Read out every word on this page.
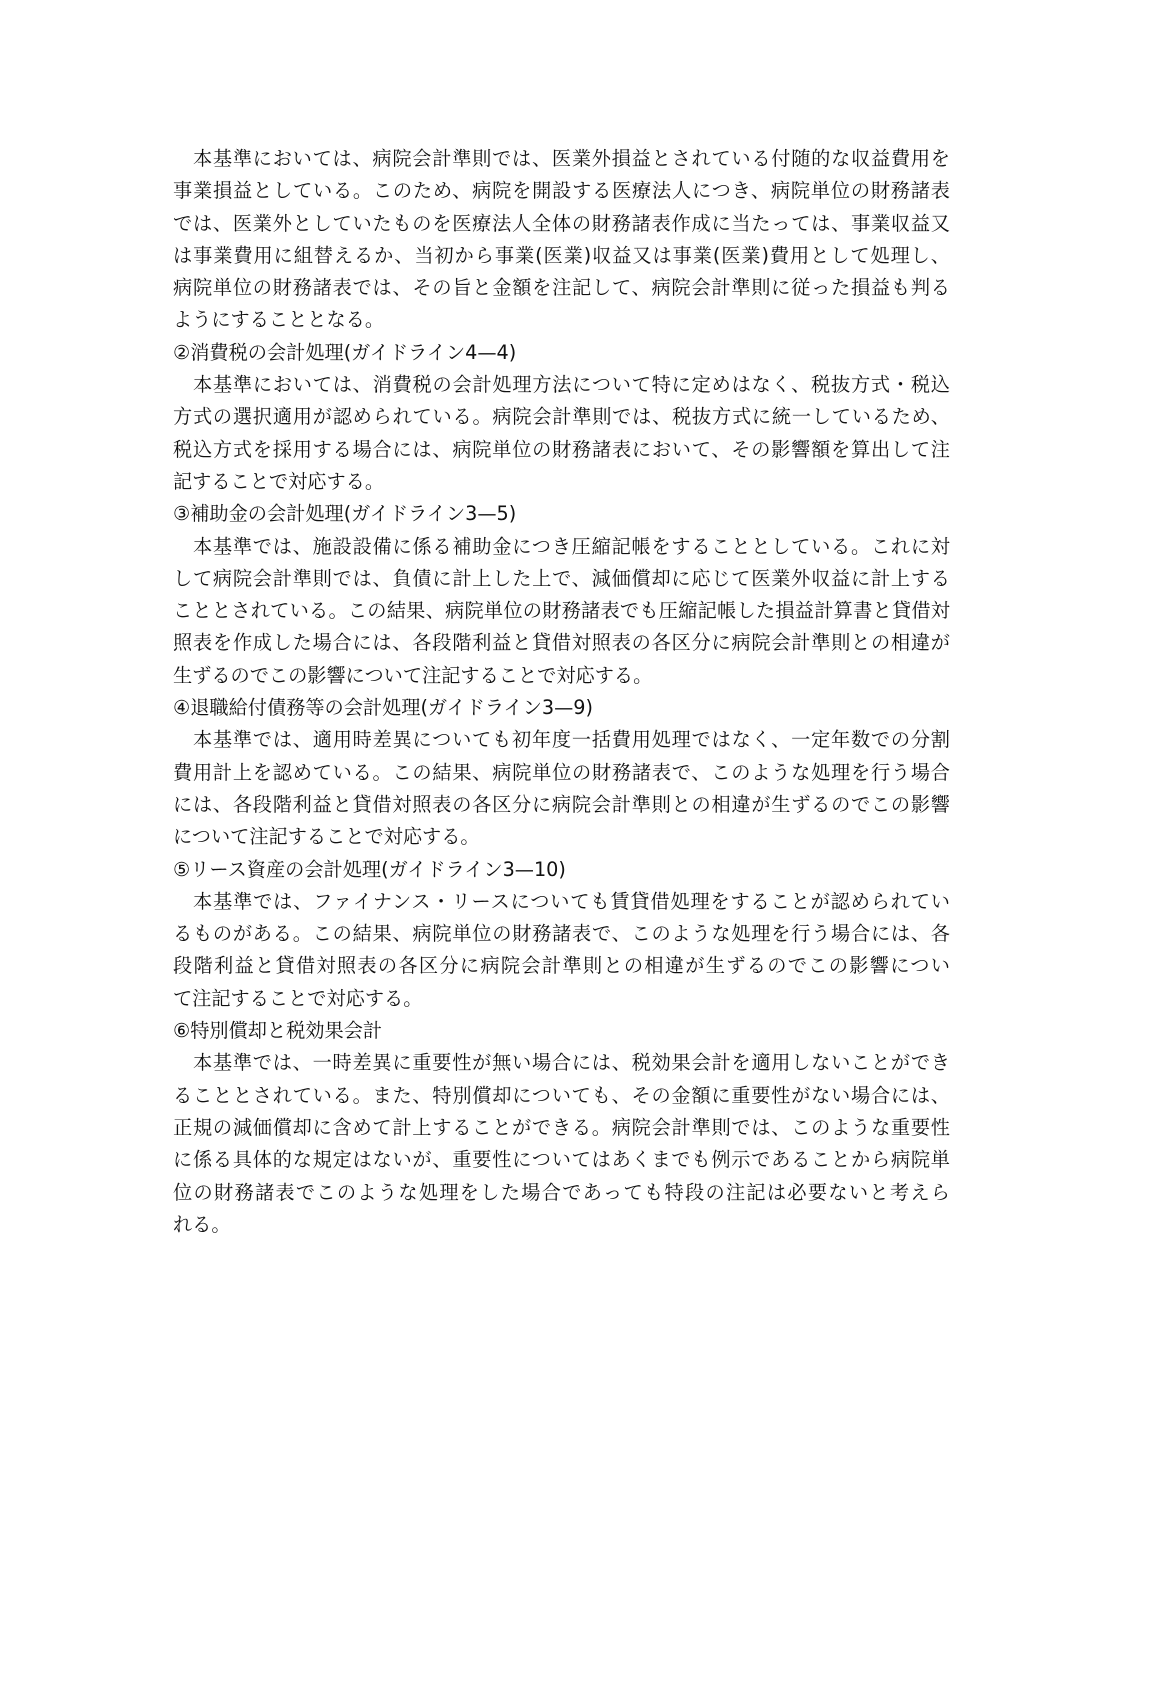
　本基準においては、病院会計準則では、医業外損益とされている付随的な収益費用を
事業損益としている。このため、病院を開設する医療法人につき、病院単位の財務諸表
では、医業外としていたものを医療法人全体の財務諸表作成に当たっては、事業収益又
は事業費用に組替えるか、当初から事業(医業)収益又は事業(医業)費用として処理し、
病院単位の財務諸表では、その旨と金額を注記して、病院会計準則に従った損益も判る
ようにすることとなる。
②消費税の会計処理(ガイドライン4—4)
　本基準においては、消費税の会計処理方法について特に定めはなく、税抜方式・税込
方式の選択適用が認められている。病院会計準則では、税抜方式に統一しているため、
税込方式を採用する場合には、病院単位の財務諸表において、その影響額を算出して注
記することで対応する。
③補助金の会計処理(ガイドライン3—5)
　本基準では、施設設備に係る補助金につき圧縮記帳をすることとしている。これに対
して病院会計準則では、負債に計上した上で、減価償却に応じて医業外収益に計上する
こととされている。この結果、病院単位の財務諸表でも圧縮記帳した損益計算書と貸借対
照表を作成した場合には、各段階利益と貸借対照表の各区分に病院会計準則との相違が
生ずるのでこの影響について注記することで対応する。
④退職給付債務等の会計処理(ガイドライン3—9)
　本基準では、適用時差異についても初年度一括費用処理ではなく、一定年数での分割
費用計上を認めている。この結果、病院単位の財務諸表で、このような処理を行う場合
には、各段階利益と貸借対照表の各区分に病院会計準則との相違が生ずるのでこの影響
について注記することで対応する。
⑤リース資産の会計処理(ガイドライン3—10)
　本基準では、ファイナンス・リースについても賃貸借処理をすることが認められてい
るものがある。この結果、病院単位の財務諸表で、このような処理を行う場合には、各
段階利益と貸借対照表の各区分に病院会計準則との相違が生ずるのでこの影響につい
て注記することで対応する。
⑥特別償却と税効果会計
　本基準では、一時差異に重要性が無い場合には、税効果会計を適用しないことができ
ることとされている。また、特別償却についても、その金額に重要性がない場合には、
正規の減価償却に含めて計上することができる。病院会計準則では、このような重要性
に係る具体的な規定はないが、重要性についてはあくまでも例示であることから病院単
位の財務諸表でこのような処理をした場合であっても特段の注記は必要ないと考えら
れる。
